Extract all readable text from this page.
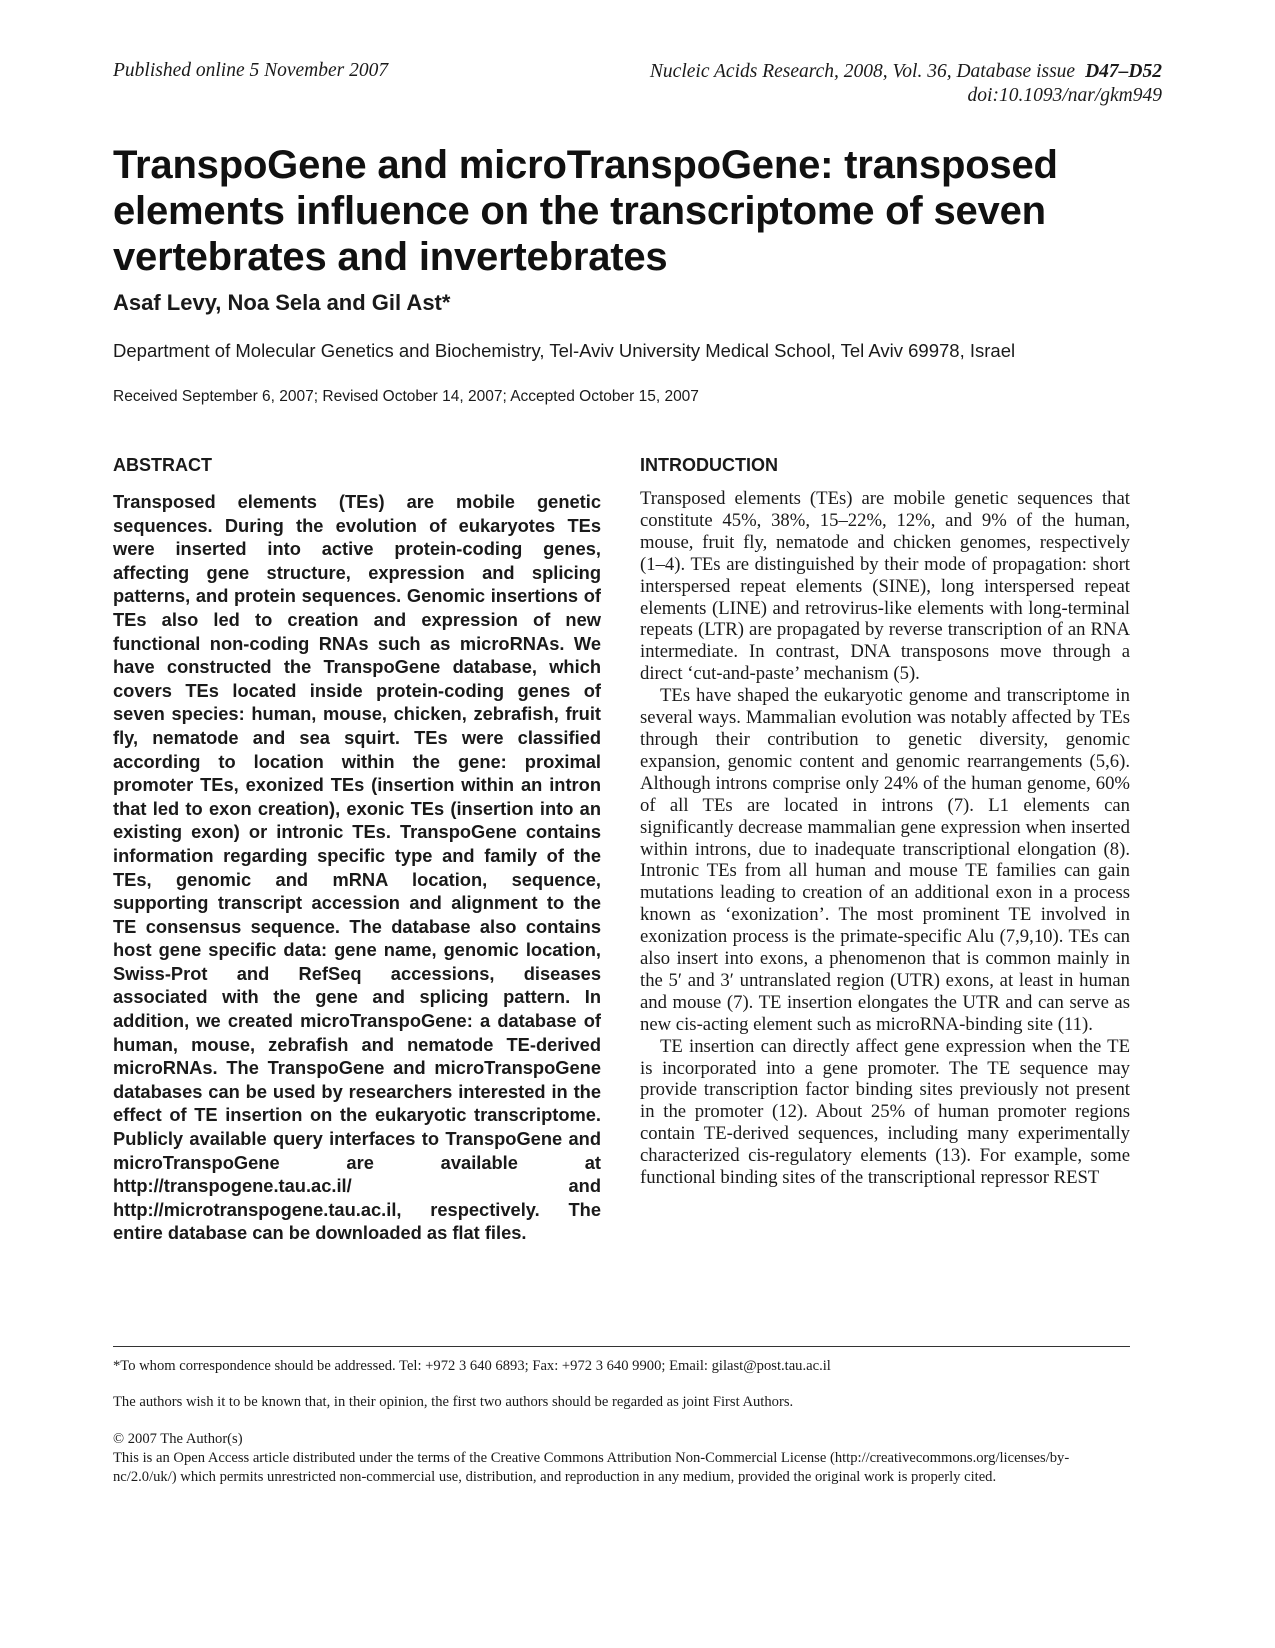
Published online 5 November 2007	Nucleic Acids Research, 2008, Vol. 36, Database issue D47–D52
doi:10.1093/nar/gkm949
TranspoGene and microTranspoGene: transposed elements influence on the transcriptome of seven vertebrates and invertebrates
Asaf Levy, Noa Sela and Gil Ast*
Department of Molecular Genetics and Biochemistry, Tel-Aviv University Medical School, Tel Aviv 69978, Israel
Received September 6, 2007; Revised October 14, 2007; Accepted October 15, 2007
ABSTRACT

Transposed elements (TEs) are mobile genetic sequences. During the evolution of eukaryotes TEs were inserted into active protein-coding genes, affecting gene structure, expression and splicing patterns, and protein sequences. Genomic insertions of TEs also led to creation and expression of new functional non-coding RNAs such as microRNAs. We have constructed the TranspoGene database, which covers TEs located inside protein-coding genes of seven species: human, mouse, chicken, zebrafish, fruit fly, nematode and sea squirt. TEs were classified according to location within the gene: proximal promoter TEs, exonized TEs (insertion within an intron that led to exon creation), exonic TEs (insertion into an existing exon) or intronic TEs. TranspoGene contains information regarding specific type and family of the TEs, genomic and mRNA location, sequence, supporting transcript accession and alignment to the TE consensus sequence. The database also contains host gene specific data: gene name, genomic location, Swiss-Prot and RefSeq accessions, diseases associated with the gene and splicing pattern. In addition, we created microTranspoGene: a database of human, mouse, zebrafish and nematode TE-derived microRNAs. The TranspoGene and microTranspoGene databases can be used by researchers interested in the effect of TE insertion on the eukaryotic transcriptome. Publicly available query interfaces to TranspoGene and microTranspoGene are available at http://transpogene.tau.ac.il/ and http://microtranspogene.tau.ac.il, respectively. The entire database can be downloaded as flat files.

INTRODUCTION

Transposed elements (TEs) are mobile genetic sequences that constitute 45%, 38%, 15–22%, 12%, and 9% of the human, mouse, fruit fly, nematode and chicken genomes, respectively (1–4). TEs are distinguished by their mode of propagation: short interspersed repeat elements (SINE), long interspersed repeat elements (LINE) and retrovirus-like elements with long-terminal repeats (LTR) are propagated by reverse transcription of an RNA intermediate. In contrast, DNA transposons move through a direct ‘cut-and-paste’ mechanism (5).

TEs have shaped the eukaryotic genome and transcriptome in several ways. Mammalian evolution was notably affected by TEs through their contribution to genetic diversity, genomic expansion, genomic content and genomic rearrangements (5,6). Although introns comprise only 24% of the human genome, 60% of all TEs are located in introns (7). L1 elements can significantly decrease mammalian gene expression when inserted within introns, due to inadequate transcriptional elongation (8). Intronic TEs from all human and mouse TE families can gain mutations leading to creation of an additional exon in a process known as ‘exonization’. The most prominent TE involved in exonization process is the primate-specific Alu (7,9,10). TEs can also insert into exons, a phenomenon that is common mainly in the 5′ and 3′ untranslated region (UTR) exons, at least in human and mouse (7). TE insertion elongates the UTR and can serve as new cis-acting element such as microRNA-binding site (11).

TE insertion can directly affect gene expression when the TE is incorporated into a gene promoter. The TE sequence may provide transcription factor binding sites previously not present in the promoter (12). About 25% of human promoter regions contain TE-derived sequences, including many experimentally characterized cis-regulatory elements (13). For example, some functional binding sites of the transcriptional repressor REST

*To whom correspondence should be addressed. Tel: +972 3 640 6893; Fax: +972 3 640 9900; Email: gilast@post.tau.ac.il
The authors wish it to be known that, in their opinion, the first two authors should be regarded as joint First Authors.
© 2007 The Author(s)
This is an Open Access article distributed under the terms of the Creative Commons Attribution Non-Commercial License (http://creativecommons.org/licenses/by-nc/2.0/uk/) which permits unrestricted non-commercial use, distribution, and reproduction in any medium, provided the original work is properly cited.
